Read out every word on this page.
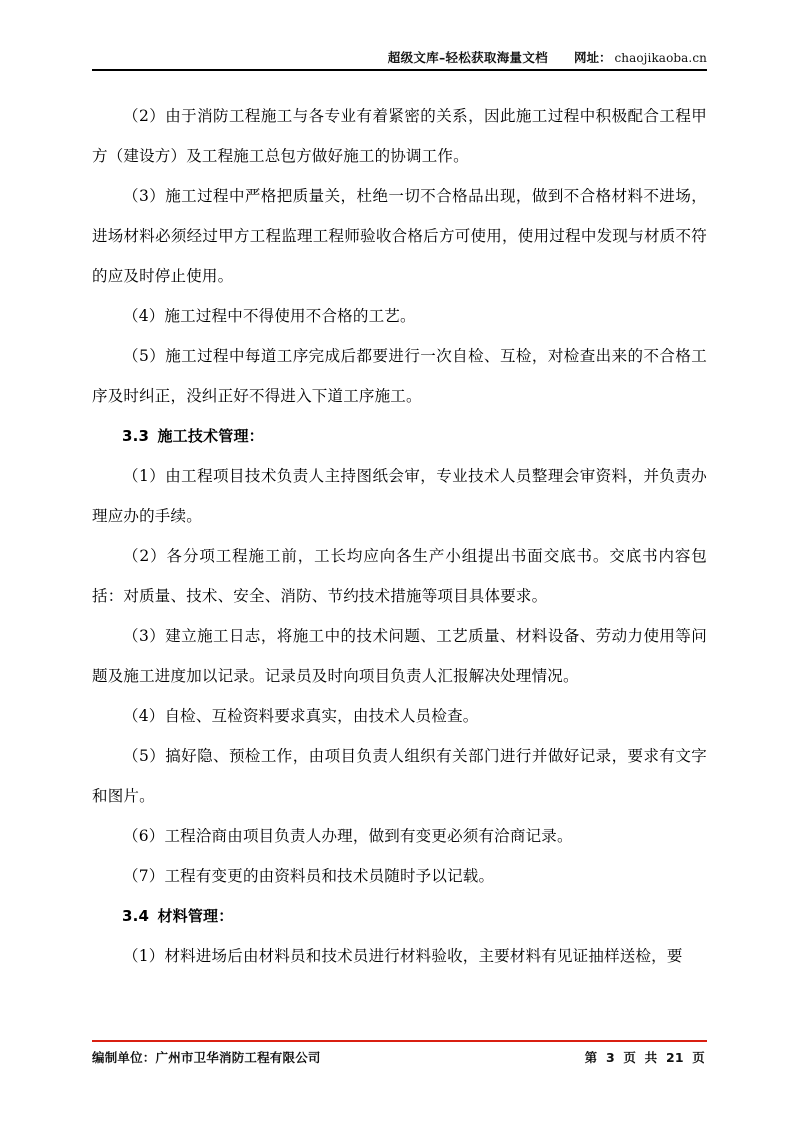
超级文库–轻松获取海量文档 网址： chaojikaoba.cn

（2）由于消防工程施工与各专业有着紧密的关系，因此施工过程中积极配合工程甲方（建设方）及工程施工总包方做好施工的协调工作。

（3）施工过程中严格把质量关，杜绝一切不合格品出现，做到不合格材料不进场，进场材料必须经过甲方工程监理工程师验收合格后方可使用，使用过程中发现与材质不符的应及时停止使用。

（4）施工过程中不得使用不合格的工艺。

（5）施工过程中每道工序完成后都要进行一次自检、互检，对检查出来的不合格工序及时纠正，没纠正好不得进入下道工序施工。

3.3 施工技术管理：

（1）由工程项目技术负责人主持图纸会审，专业技术人员整理会审资料，并负责办理应办的手续。

（2）各分项工程施工前，工长均应向各生产小组提出书面交底书。交底书内容包括：对质量、技术、安全、消防、节约技术措施等项目具体要求。

（3）建立施工日志，将施工中的技术问题、工艺质量、材料设备、劳动力使用等问题及施工进度加以记录。记录员及时向项目负责人汇报解决处理情况。

（4）自检、互检资料要求真实，由技术人员检查。

（5）搞好隐、预检工作，由项目负责人组织有关部门进行并做好记录，要求有文字和图片。

（6）工程洽商由项目负责人办理，做到有变更必须有洽商记录。

（7）工程有变更的由资料员和技术员随时予以记载。

3.4 材料管理：

（1）材料进场后由材料员和技术员进行材料验收，主要材料有见证抽样送检，要

编制单位：广州市卫华消防工程有限公司	第 3 页 共 21 页
